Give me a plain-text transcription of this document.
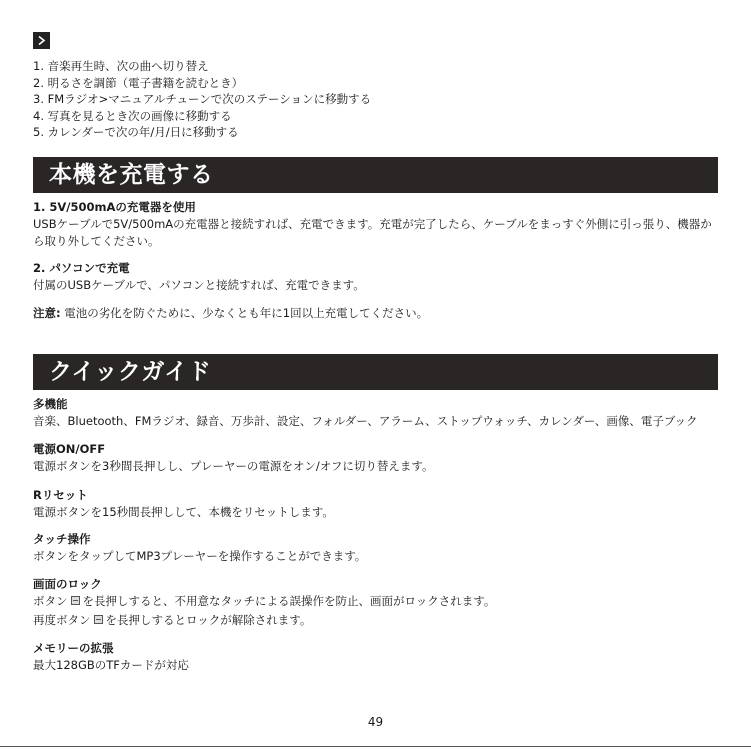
1. 音楽再生時、次の曲へ切り替え
2. 明るさを調節（電子書籍を読むとき）
3. FMラジオ>マニュアルチューンで次のステーションに移動する
4. 写真を見るとき次の画像に移動する
5. カレンダーで次の年/月/日に移動する
本機を充電する
1. 5V/500mAの充電器を使用
USBケーブルで5V/500mAの充電器と接続すれば、充電できます。充電が完了したら、ケーブルをまっすぐ外側に引っ張り、機器から取り外してください。
2. パソコンで充電
付属のUSBケーブルで、パソコンと接続すれば、充電できます。
注意: 電池の劣化を防ぐために、少なくとも年に1回以上充電してください。
クイックガイド
多機能
音楽、Bluetooth、FMラジオ、録音、万歩計、設定、フォルダー、アラーム、ストップウォッチ、カレンダー、画像、電子ブック
電源ON/OFF
電源ボタンを3秒間長押しし、プレーヤーの電源をオン/オフに切り替えます。
Rリセット
電源ボタンを15秒間長押しして、本機をリセットします。
タッチ操作
ボタンをタップしてMP3プレーヤーを操作することができます。
画面のロック
ボタン を長押しすると、不用意なタッチによる誤操作を防止、画面がロックされます。
再度ボタン を長押しするとロックが解除されます。
メモリーの拡張
最大128GBのTFカードが対応
49
